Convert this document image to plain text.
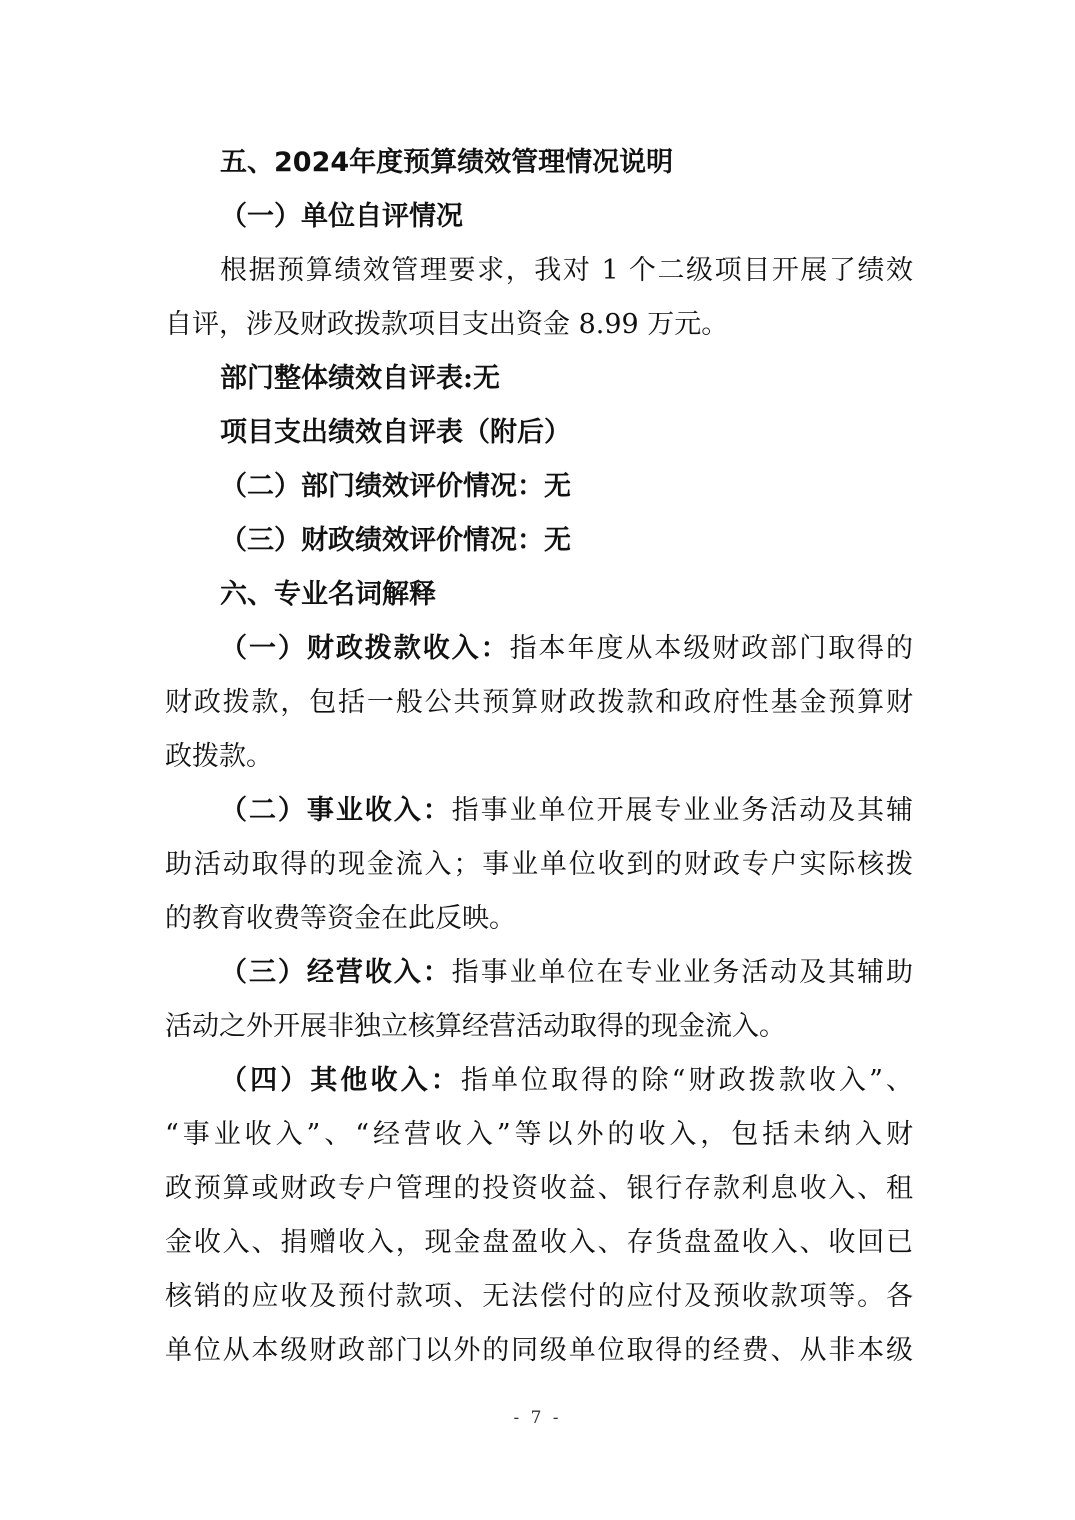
五、2024年度预算绩效管理情况说明

（一）单位自评情况

根据预算绩效管理要求，我对 1 个二级项目开展了绩效

自评，涉及财政拨款项目支出资金 8.99 万元。

部门整体绩效自评表:无

项目支出绩效自评表（附后）

（二）部门绩效评价情况：无

（三）财政绩效评价情况：无

六、专业名词解释

（一）财政拨款收入：指本年度从本级财政部门取得的

财政拨款，包括一般公共预算财政拨款和政府性基金预算财

政拨款。

（二）事业收入：指事业单位开展专业业务活动及其辅

助活动取得的现金流入；事业单位收到的财政专户实际核拨

的教育收费等资金在此反映。

（三）经营收入：指事业单位在专业业务活动及其辅助

活动之外开展非独立核算经营活动取得的现金流入。

（四）其他收入：指单位取得的除“财政拨款收入”、

“事业收入”、“经营收入”等以外的收入，包括未纳入财

政预算或财政专户管理的投资收益、银行存款利息收入、租

金收入、捐赠收入，现金盘盈收入、存货盘盈收入、收回已

核销的应收及预付款项、无法偿付的应付及预收款项等。各

单位从本级财政部门以外的同级单位取得的经费、从非本级

- 7 -
